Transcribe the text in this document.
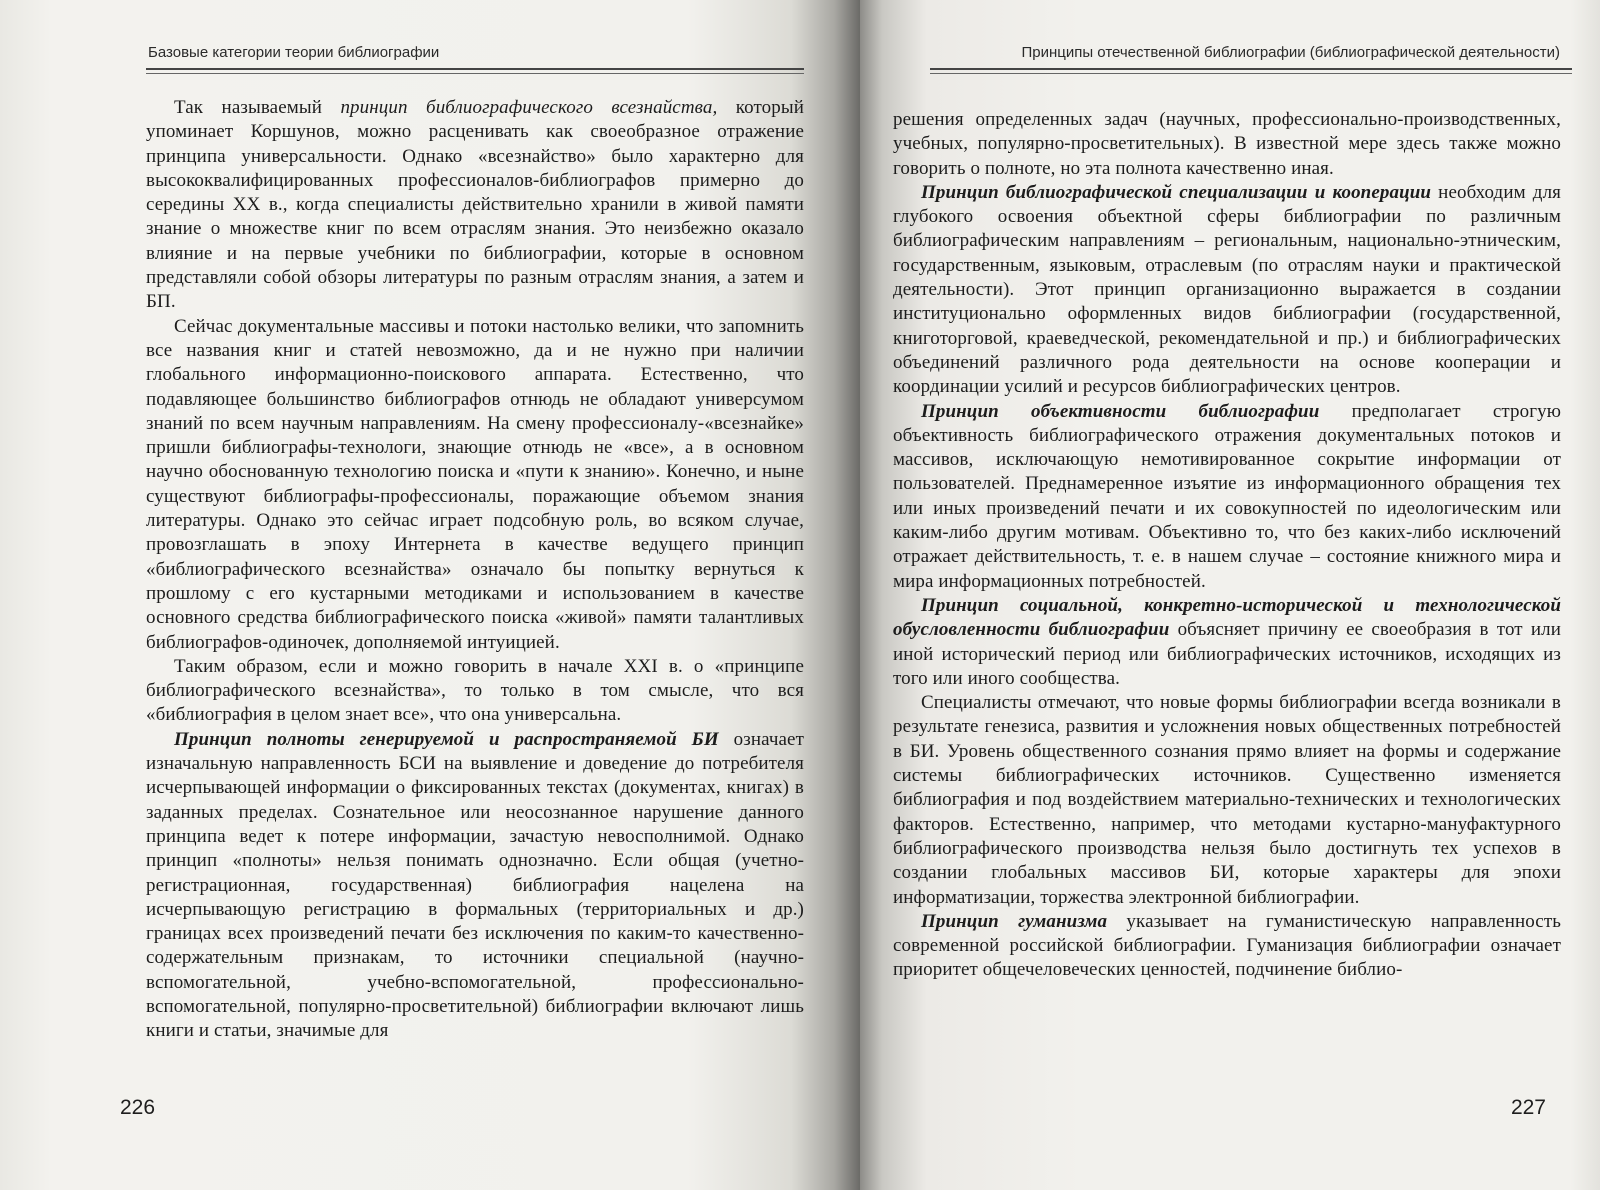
Базовые категории теории библиографии

Так называемый принцип библиографического всезнайства, который упоминает Коршунов, можно расценивать как своеобразное отражение принципа универсальности. Однако «всезнайство» было характерно для высококвалифицированных профессионалов-библиографов примерно до середины XX в., когда специалисты действительно хранили в живой памяти знание о множестве книг по всем отраслям знания. Это неизбежно оказало влияние и на первые учебники по библиографии, которые в основном представляли собой обзоры литературы по разным отраслям знания, а затем и БП.

Сейчас документальные массивы и потоки настолько велики, что запомнить все названия книг и статей невозможно, да и не нужно при наличии глобального информационно-поискового аппарата. Естественно, что подавляющее большинство библиографов отнюдь не обладают универсумом знаний по всем научным направлениям. На смену профессионалу-«всезнайке» пришли библиографы-технологи, знающие отнюдь не «все», а в основном научно обоснованную технологию поиска и «пути к знанию». Конечно, и ныне существуют библиографы-профессионалы, поражающие объемом знания литературы. Однако это сейчас играет подсобную роль, во всяком случае, провозглашать в эпоху Интернета в качестве ведущего принцип «библиографического всезнайства» означало бы попытку вернуться к прошлому с его кустарными методиками и использованием в качестве основного средства библиографического поиска «живой» памяти талантливых библиографов-одиночек, дополняемой интуицией.

Таким образом, если и можно говорить в начале XXI в. о «принципе библиографического всезнайства», то только в том смысле, что вся «библиография в целом знает все», что она универсальна.

Принцип полноты генерируемой и распространяемой БИ означает изначальную направленность БСИ на выявление и доведение до потребителя исчерпывающей информации о фиксированных текстах (документах, книгах) в заданных пределах. Сознательное или неосознанное нарушение данного принципа ведет к потере информации, зачастую невосполнимой. Однако принцип «полноты» нельзя понимать однозначно. Если общая (учетно-регистрационная, государственная) библиография нацелена на исчерпывающую регистрацию в формальных (территориальных и др.) границах всех произведений печати без исключения по каким-то качественно-содержательным признакам, то источники специальной (научно-вспомогательной, учебно-вспомогательной, профессионально-вспомогательной, популярно-просветительной) библиографии включают лишь книги и статьи, значимые для

226
Принципы отечественной библиографии (библиографической деятельности)

решения определенных задач (научных, профессионально-производственных, учебных, популярно-просветительных). В известной мере здесь также можно говорить о полноте, но эта полнота качественно иная.

Принцип библиографической специализации и кооперации необходим для глубокого освоения объектной сферы библиографии по различным библиографическим направлениям – региональным, национально-этническим, государственным, языковым, отраслевым (по отраслям науки и практической деятельности). Этот принцип организационно выражается в создании институционально оформленных видов библиографии (государственной, книготорговой, краеведческой, рекомендательной и пр.) и библиографических объединений различного рода деятельности на основе кооперации и координации усилий и ресурсов библиографических центров.

Принцип объективности библиографии предполагает строгую объективность библиографического отражения документальных потоков и массивов, исключающую немотивированное сокрытие информации от пользователей. Преднамеренное изъятие из информационного обращения тех или иных произведений печати и их совокупностей по идеологическим или каким-либо другим мотивам. Объективно то, что без каких-либо исключений отражает действительность, т. е. в нашем случае – состояние книжного мира и мира информационных потребностей.

Принцип социальной, конкретно-исторической и технологической обусловленности библиографии объясняет причину ее своеобразия в тот или иной исторический период или библиографических источников, исходящих из того или иного сообщества.

Специалисты отмечают, что новые формы библиографии всегда возникали в результате генезиса, развития и усложнения новых общественных потребностей в БИ. Уровень общественного сознания прямо влияет на формы и содержание системы библиографических источников. Существенно изменяется библиография и под воздействием материально-технических и технологических факторов. Естественно, например, что методами кустарно-мануфактурного библиографического производства нельзя было достигнуть тех успехов в создании глобальных массивов БИ, которые характеры для эпохи информатизации, торжества электронной библиографии.

Принцип гуманизма указывает на гуманистическую направленность современной российской библиографии. Гуманизация библиографии означает приоритет общечеловеческих ценностей, подчинение библио-

227
